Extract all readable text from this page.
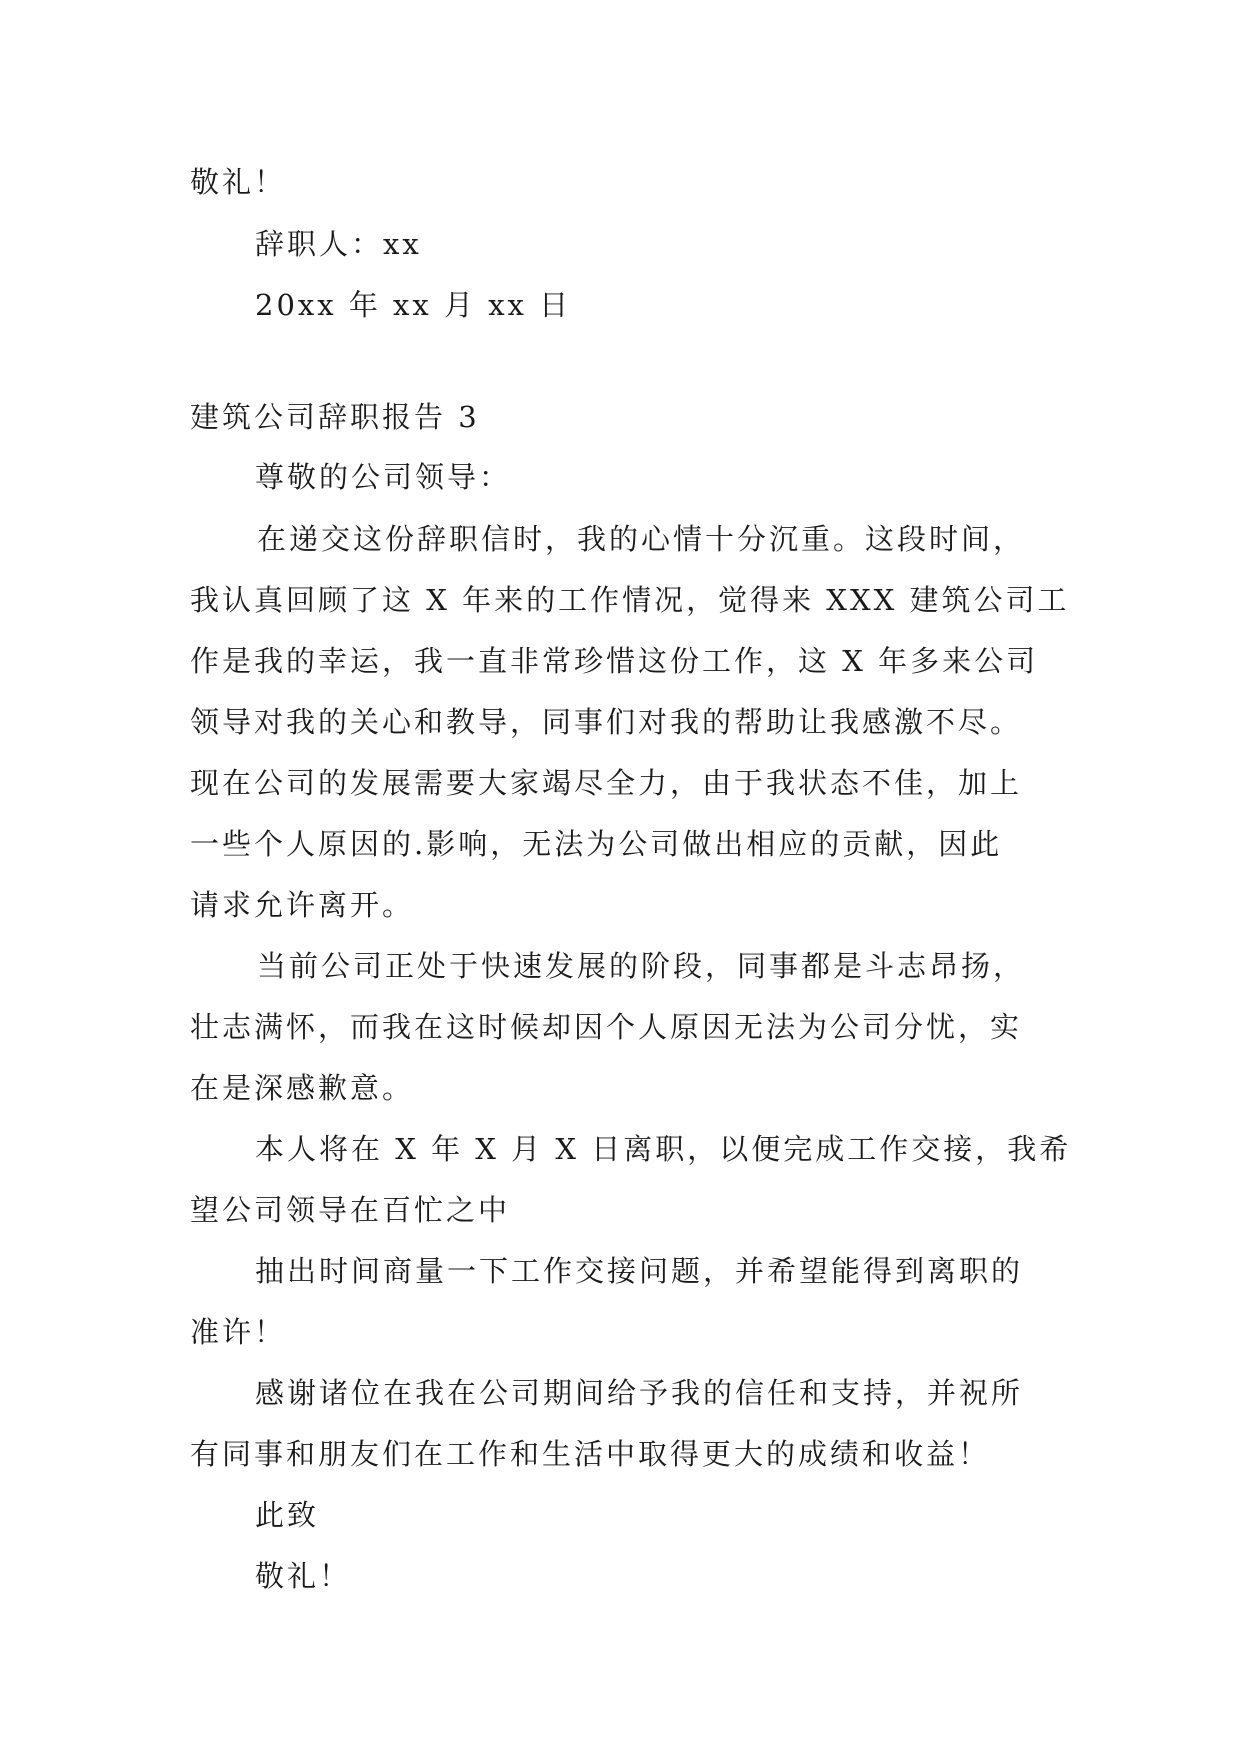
敬礼！
辞职人：xx
20xx 年 xx 月 xx 日
建筑公司辞职报告 3
尊敬的公司领导：
在递交这份辞职信时，我的心情十分沉重。这段时间，
我认真回顾了这 X 年来的工作情况，觉得来 XXX 建筑公司工
作是我的幸运，我一直非常珍惜这份工作，这 X 年多来公司
领导对我的关心和教导，同事们对我的帮助让我感激不尽。
现在公司的发展需要大家竭尽全力，由于我状态不佳，加上
一些个人原因的.影响，无法为公司做出相应的贡献，因此
请求允许离开。
当前公司正处于快速发展的阶段，同事都是斗志昂扬，
壮志满怀，而我在这时候却因个人原因无法为公司分忧，实
在是深感歉意。
本人将在 X 年 X 月 X 日离职，以便完成工作交接，我希
望公司领导在百忙之中
抽出时间商量一下工作交接问题，并希望能得到离职的
准许！
感谢诸位在我在公司期间给予我的信任和支持，并祝所
有同事和朋友们在工作和生活中取得更大的成绩和收益！
此致
敬礼！
